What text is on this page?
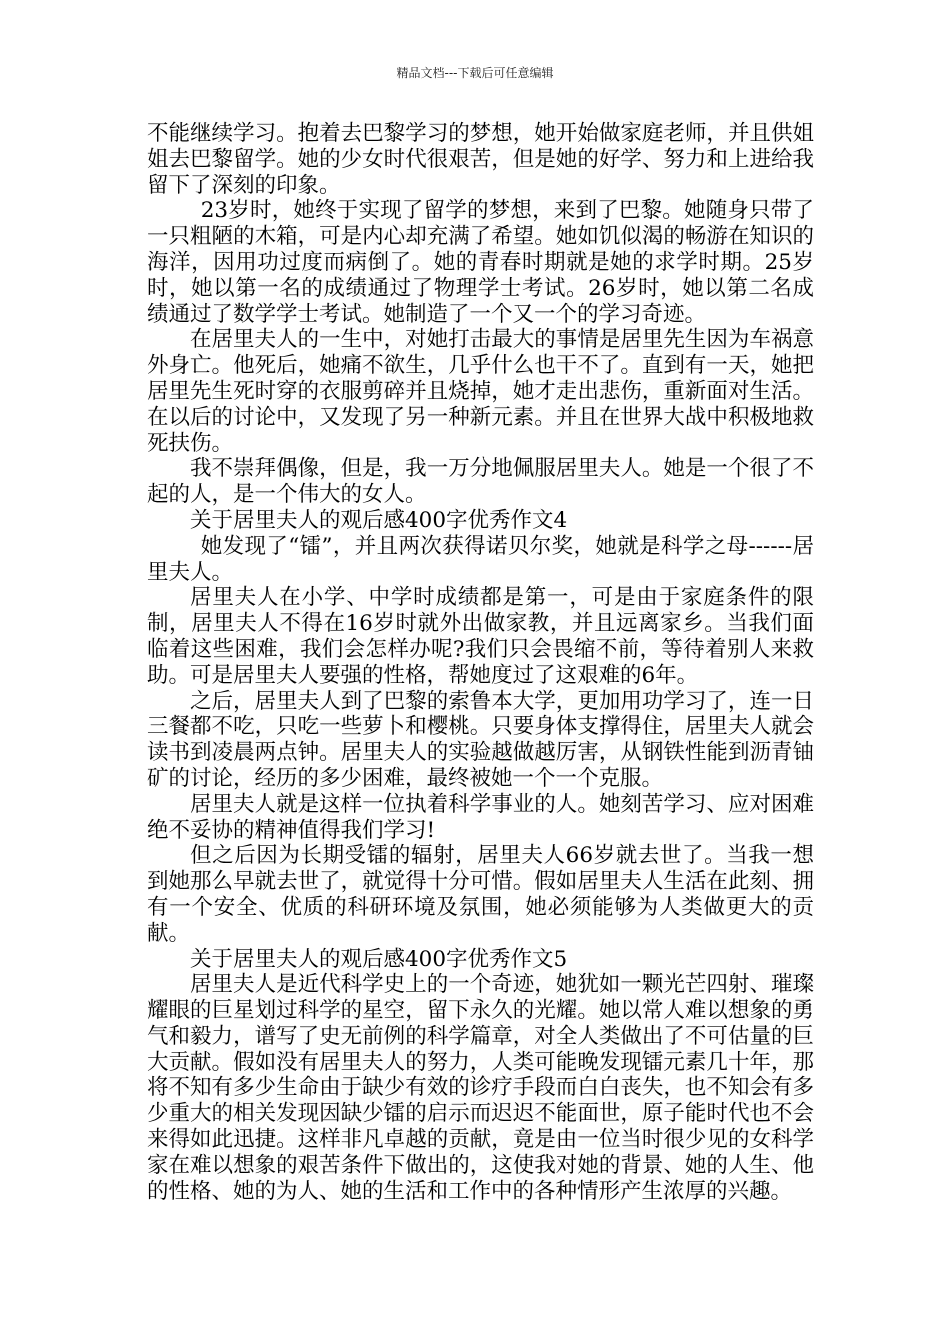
精品文档---下载后可任意编辑

不能继续学习。抱着去巴黎学习的梦想，她开始做家庭老师，并且供姐姐去巴黎留学。她的少女时代很艰苦，但是她的好学、努力和上进给我留下了深刻的印象。

23岁时，她终于实现了留学的梦想，来到了巴黎。她随身只带了一只粗陋的木箱，可是内心却充满了希望。她如饥似渴的畅游在知识的海洋，因用功过度而病倒了。她的青春时期就是她的求学时期。25岁时，她以第一名的成绩通过了物理学士考试。26岁时，她以第二名成绩通过了数学学士考试。她制造了一个又一个的学习奇迹。

在居里夫人的一生中，对她打击最大的事情是居里先生因为车祸意外身亡。他死后，她痛不欲生，几乎什么也干不了。直到有一天，她把居里先生死时穿的衣服剪碎并且烧掉，她才走出悲伤，重新面对生活。在以后的讨论中，又发现了另一种新元素。并且在世界大战中积极地救死扶伤。

我不崇拜偶像，但是，我一万分地佩服居里夫人。她是一个很了不起的人，是一个伟大的女人。

关于居里夫人的观后感400字优秀作文4

她发现了“镭”，并且两次获得诺贝尔奖，她就是科学之母------居里夫人。

居里夫人在小学、中学时成绩都是第一，可是由于家庭条件的限制，居里夫人不得在16岁时就外出做家教，并且远离家乡。当我们面临着这些困难，我们会怎样办呢?我们只会畏缩不前，等待着别人来救助。可是居里夫人要强的性格，帮她度过了这艰难的6年。

之后，居里夫人到了巴黎的索鲁本大学，更加用功学习了，连一日三餐都不吃，只吃一些萝卜和樱桃。只要身体支撑得住，居里夫人就会读书到凌晨两点钟。居里夫人的实验越做越厉害，从钢铁性能到沥青铀矿的讨论，经历的多少困难，最终被她一个一个克服。

居里夫人就是这样一位执着科学事业的人。她刻苦学习、应对困难绝不妥协的精神值得我们学习!

但之后因为长期受镭的辐射，居里夫人66岁就去世了。当我一想到她那么早就去世了，就觉得十分可惜。假如居里夫人生活在此刻、拥有一个安全、优质的科研环境及氛围，她必须能够为人类做更大的贡献。

关于居里夫人的观后感400字优秀作文5

居里夫人是近代科学史上的一个奇迹，她犹如一颗光芒四射、璀璨耀眼的巨星划过科学的星空，留下永久的光耀。她以常人难以想象的勇气和毅力，谱写了史无前例的科学篇章，对全人类做出了不可估量的巨大贡献。假如没有居里夫人的努力，人类可能晚发现镭元素几十年，那将不知有多少生命由于缺少有效的诊疗手段而白白丧失，也不知会有多少重大的相关发现因缺少镭的启示而迟迟不能面世，原子能时代也不会来得如此迅捷。这样非凡卓越的贡献，竟是由一位当时很少见的女科学家在难以想象的艰苦条件下做出的，这使我对她的背景、她的人生、他的性格、她的为人、她的生活和工作中的各种情形产生浓厚的兴趣。
